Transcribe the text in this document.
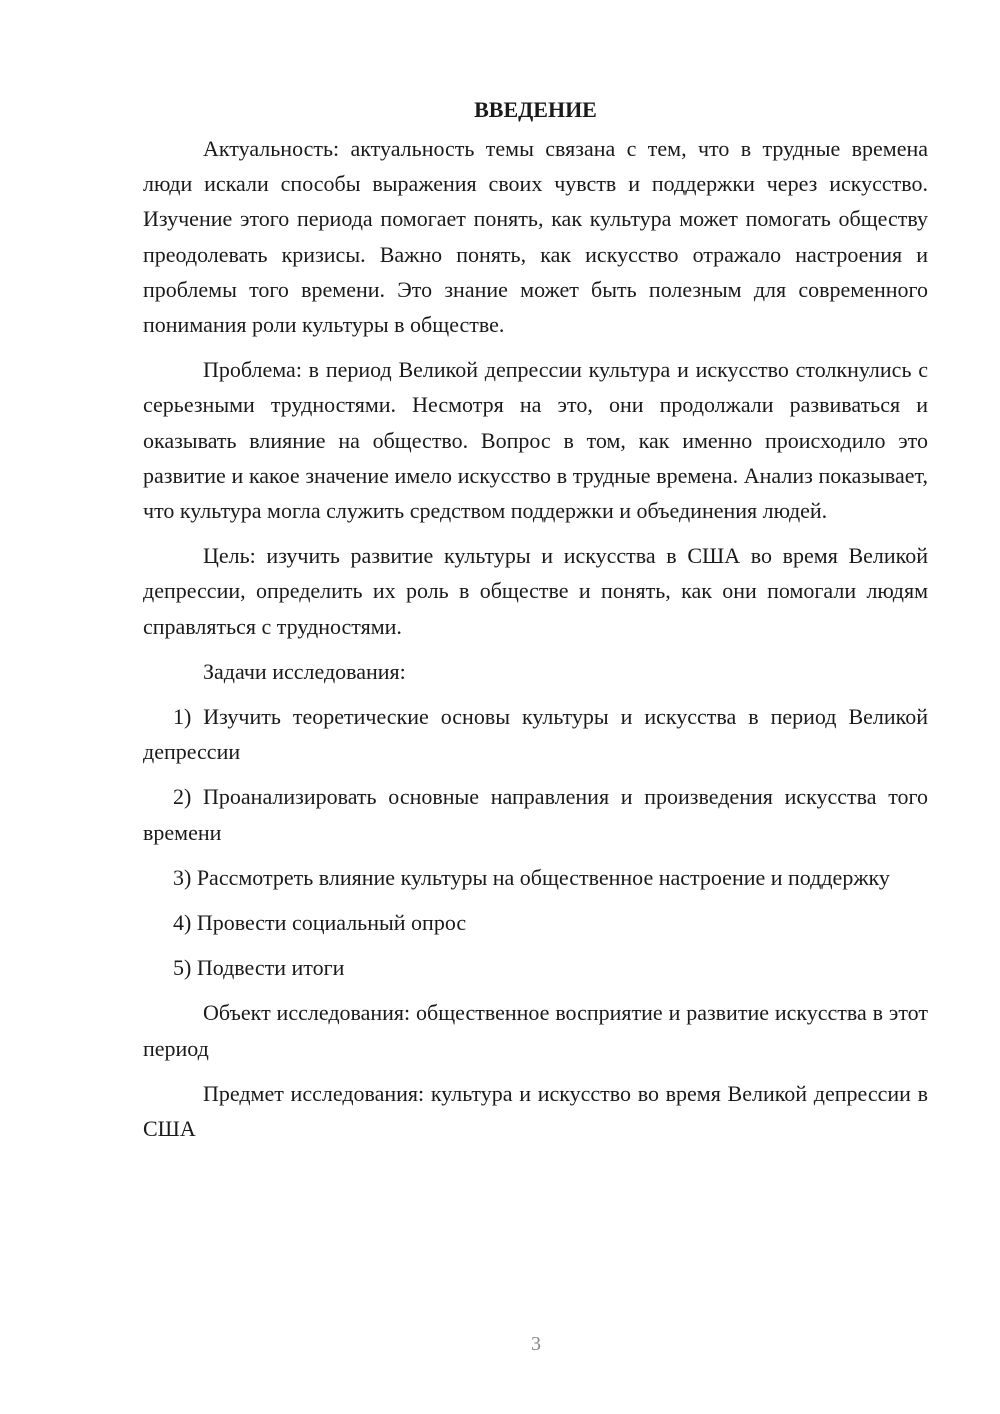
ВВЕДЕНИЕ

Актуальность: актуальность темы связана с тем, что в трудные времена люди искали способы выражения своих чувств и поддержки через искусство. Изучение этого периода помогает понять, как культура может помогать обществу преодолевать кризисы. Важно понять, как искусство отражало настроения и проблемы того времени. Это знание может быть полезным для современного понимания роли культуры в обществе.

Проблема: в период Великой депрессии культура и искусство столкнулись с серьезными трудностями. Несмотря на это, они продолжали развиваться и оказывать влияние на общество. Вопрос в том, как именно происходило это развитие и какое значение имело искусство в трудные времена. Анализ показывает, что культура могла служить средством поддержки и объединения людей.

Цель: изучить развитие культуры и искусства в США во время Великой депрессии, определить их роль в обществе и понять, как они помогали людям справляться с трудностями.

Задачи исследования:

1) Изучить теоретические основы культуры и искусства в период Великой депрессии

2) Проанализировать основные направления и произведения искусства того времени

3) Рассмотреть влияние культуры на общественное настроение и поддержку

4) Провести социальный опрос

5) Подвести итоги

Объект исследования: общественное восприятие и развитие искусства в этот период

Предмет исследования: культура и искусство во время Великой депрессии в США

3
